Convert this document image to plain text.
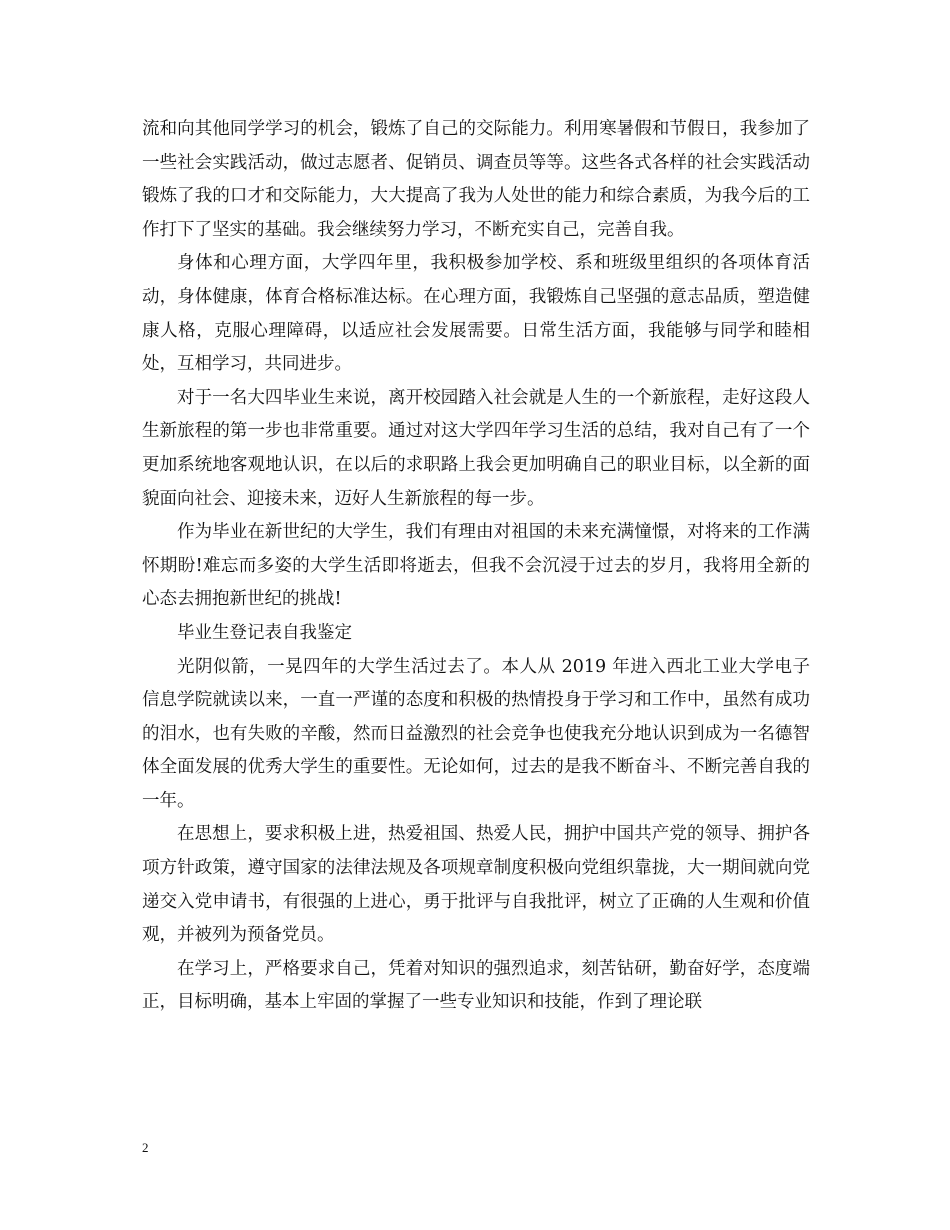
流和向其他同学学习的机会，锻炼了自己的交际能力。利用寒暑假和节假日，我参加了一些社会实践活动，做过志愿者、促销员、调查员等等。这些各式各样的社会实践活动锻炼了我的口才和交际能力，大大提高了我为人处世的能力和综合素质，为我今后的工作打下了坚实的基础。我会继续努力学习，不断充实自己，完善自我。

身体和心理方面，大学四年里，我积极参加学校、系和班级里组织的各项体育活动，身体健康，体育合格标准达标。在心理方面，我锻炼自己坚强的意志品质，塑造健康人格，克服心理障碍，以适应社会发展需要。日常生活方面，我能够与同学和睦相处，互相学习，共同进步。

对于一名大四毕业生来说，离开校园踏入社会就是人生的一个新旅程，走好这段人生新旅程的第一步也非常重要。通过对这大学四年学习生活的总结，我对自己有了一个更加系统地客观地认识，在以后的求职路上我会更加明确自己的职业目标，以全新的面貌面向社会、迎接未来，迈好人生新旅程的每一步。

作为毕业在新世纪的大学生，我们有理由对祖国的未来充满憧憬，对将来的工作满怀期盼!难忘而多姿的大学生活即将逝去，但我不会沉浸于过去的岁月，我将用全新的心态去拥抱新世纪的挑战!

毕业生登记表自我鉴定

光阴似箭，一晃四年的大学生活过去了。本人从 2019 年进入西北工业大学电子信息学院就读以来，一直一严谨的态度和积极的热情投身于学习和工作中，虽然有成功的泪水，也有失败的辛酸，然而日益激烈的社会竞争也使我充分地认识到成为一名德智体全面发展的优秀大学生的重要性。无论如何，过去的是我不断奋斗、不断完善自我的一年。

在思想上，要求积极上进，热爱祖国、热爱人民，拥护中国共产党的领导、拥护各项方针政策，遵守国家的法律法规及各项规章制度积极向党组织靠拢，大一期间就向党递交入党申请书，有很强的上进心，勇于批评与自我批评，树立了正确的人生观和价值观，并被列为预备党员。

在学习上，严格要求自己，凭着对知识的强烈追求，刻苦钻研，勤奋好学，态度端正，目标明确，基本上牢固的掌握了一些专业知识和技能，作到了理论联

2
